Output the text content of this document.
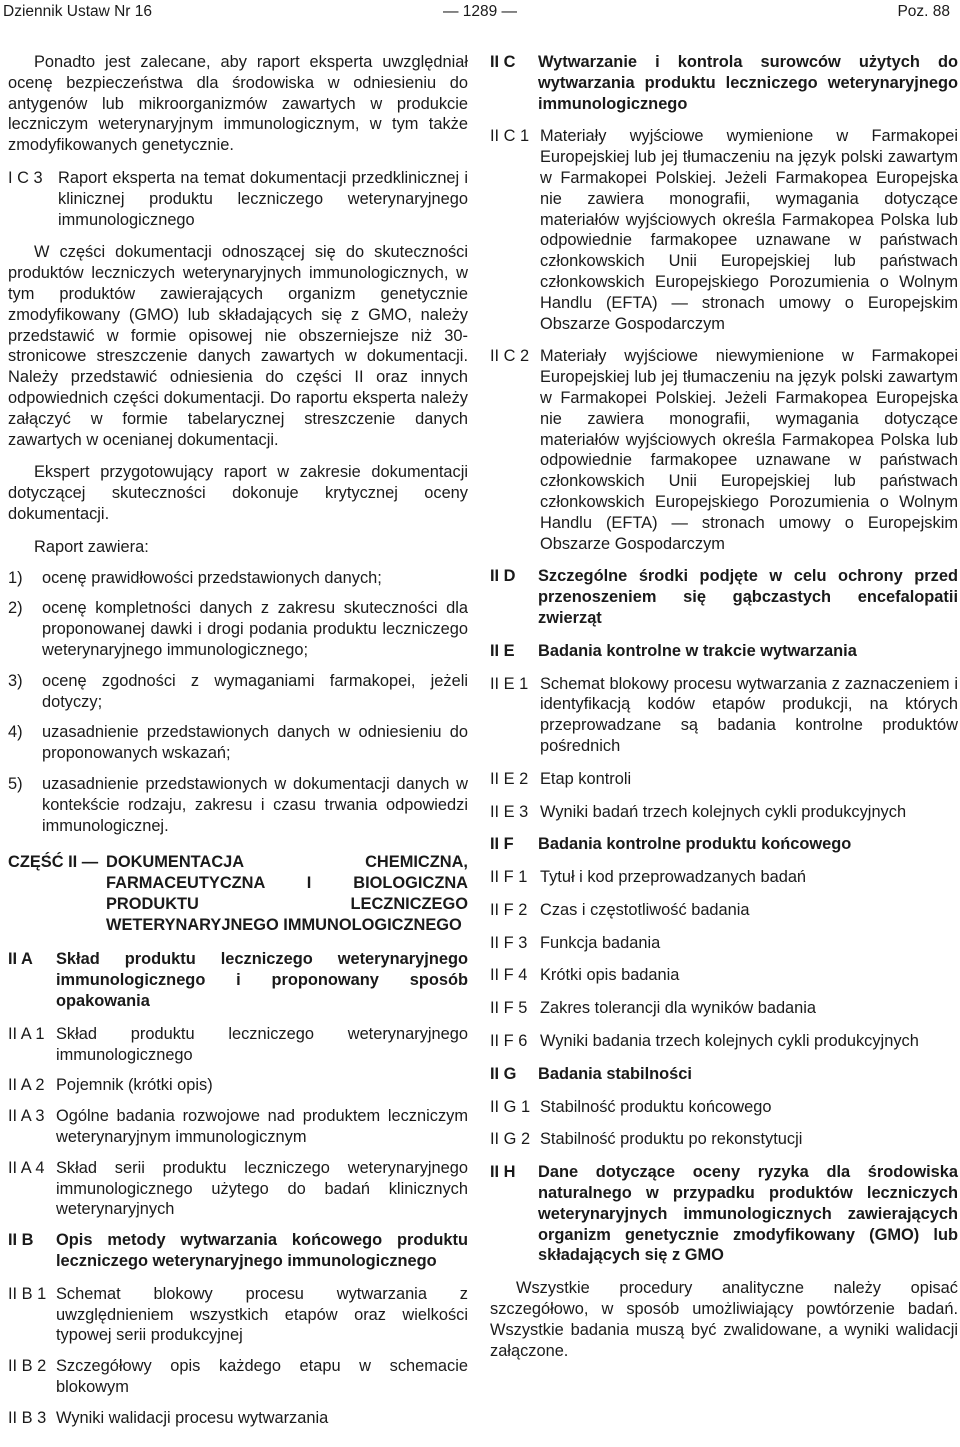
Dziennik Ustaw Nr 16	— 1289 —	Poz. 88

Ponadto jest zalecane, aby raport eksperta uwzględniał ocenę bezpieczeństwa dla środowiska w odniesieniu do antygenów lub mikroorganizmów zawartych w produkcie leczniczym weterynaryjnym immunologicznym, w tym także zmodyfikowanych genetycznie.

I C 3 Raport eksperta na temat dokumentacji przedklinicznej i klinicznej produktu leczniczego weterynaryjnego immunologicznego

W części dokumentacji odnoszącej się do skuteczności produktów leczniczych weterynaryjnych immunologicznych, w tym produktów zawierających organizm genetycznie zmodyfikowany (GMO) lub składających się z GMO, należy przedstawić w formie opisowej nie obszerniejsze niż 30-stronicowe streszczenie danych zawartych w dokumentacji. Należy przedstawić odniesienia do części II oraz innych odpowiednich części dokumentacji. Do raportu eksperta należy załączyć w formie tabelarycznej streszczenie danych zawartych w ocenianej dokumentacji.

Ekspert przygotowujący raport w zakresie dokumentacji dotyczącej skuteczności dokonuje krytycznej oceny dokumentacji.

Raport zawiera:

1)	ocenę prawidłowości przedstawionych danych;
2)	ocenę kompletności danych z zakresu skuteczności dla proponowanej dawki i drogi podania produktu leczniczego weterynaryjnego immunologicznego;
3)	ocenę zgodności z wymaganiami farmakopei, jeżeli dotyczy;
4)	uzasadnienie przedstawionych danych w odniesieniu do proponowanych wskazań;
5)	uzasadnienie przedstawionych w dokumentacji danych w kontekście rodzaju, zakresu i czasu trwania odpowiedzi immunologicznej.
CZĘŚĆ II — DOKUMENTACJA CHEMICZNA, FARMACEUTYCZNA I BIOLOGICZNA PRODUKTU LECZNICZEGO WETERYNARYJNEGO IMMUNOLOGICZNEGO
II A	Skład produktu leczniczego weterynaryjnego immunologicznego i proponowany sposób opakowania
II A 1 Skład produktu leczniczego weterynaryjnego immunologicznego
II A 2 Pojemnik (krótki opis)
II A 3 Ogólne badania rozwojowe nad produktem leczniczym weterynaryjnym immunologicznym
II A 4 Skład serii produktu leczniczego weterynaryjnego immunologicznego użytego do badań klinicznych weterynaryjnych
II B	Opis metody wytwarzania końcowego produktu leczniczego weterynaryjnego immunologicznego
II B 1 Schemat blokowy procesu wytwarzania z uwzględnieniem wszystkich etapów oraz wielkości typowej serii produkcyjnej
II B 2 Szczegółowy opis każdego etapu w schemacie blokowym
II B 3 Wyniki walidacji procesu wytwarzania
II C	Wytwarzanie i kontrola surowców użytych do wytwarzania produktu leczniczego weterynaryjnego immunologicznego
II C 1 Materiały wyjściowe wymienione w Farmakopei Europejskiej lub jej tłumaczeniu na język polski zawartym w Farmakopei Polskiej. Jeżeli Farmakopea Europejska nie zawiera monografii, wymagania dotyczące materiałów wyjściowych określa Farmakopea Polska lub odpowiednie farmakopee uznawane w państwach członkowskich Unii Europejskiej lub państwach członkowskich Europejskiego Porozumienia o Wolnym Handlu (EFTA) — stronach umowy o Europejskim Obszarze Gospodarczym
II C 2 Materiały wyjściowe niewymienione w Farmakopei Europejskiej lub jej tłumaczeniu na język polski zawartym w Farmakopei Polskiej. Jeżeli Farmakopea Europejska nie zawiera monografii, wymagania dotyczące materiałów wyjściowych określa Farmakopea Polska lub odpowiednie farmakopee uznawane w państwach członkowskich Unii Europejskiej lub państwach członkowskich Europejskiego Porozumienia o Wolnym Handlu (EFTA) — stronach umowy o Europejskim Obszarze Gospodarczym
II D	Szczególne środki podjęte w celu ochrony przed przenoszeniem się gąbczastych encefalopatii zwierząt
II E	Badania kontrolne w trakcie wytwarzania
II E 1 Schemat blokowy procesu wytwarzania z zaznaczeniem i identyfikacją kodów etapów produkcji, na których przeprowadzane są badania kontrolne produktów pośrednich
II E 2 Etap kontroli
II E 3 Wyniki badań trzech kolejnych cykli produkcyjnych
II F	Badania kontrolne produktu końcowego
II F 1 Tytuł i kod przeprowadzanych badań
II F 2 Czas i częstotliwość badania
II F 3 Funkcja badania
II F 4 Krótki opis badania
II F 5 Zakres tolerancji dla wyników badania
II F 6 Wyniki badania trzech kolejnych cykli produkcyjnych
II G	Badania stabilności
II G 1 Stabilność produktu końcowego
II G 2 Stabilność produktu po rekonstytucji
II H	Dane dotyczące oceny ryzyka dla środowiska naturalnego w przypadku produktów leczniczych weterynaryjnych immunologicznych zawierających organizm genetycznie zmodyfikowany (GMO) lub składających się z GMO

Wszystkie procedury analityczne należy opisać szczegółowo, w sposób umożliwiający powtórzenie badań. Wszystkie badania muszą być zwalidowane, a wyniki walidacji załączone.
